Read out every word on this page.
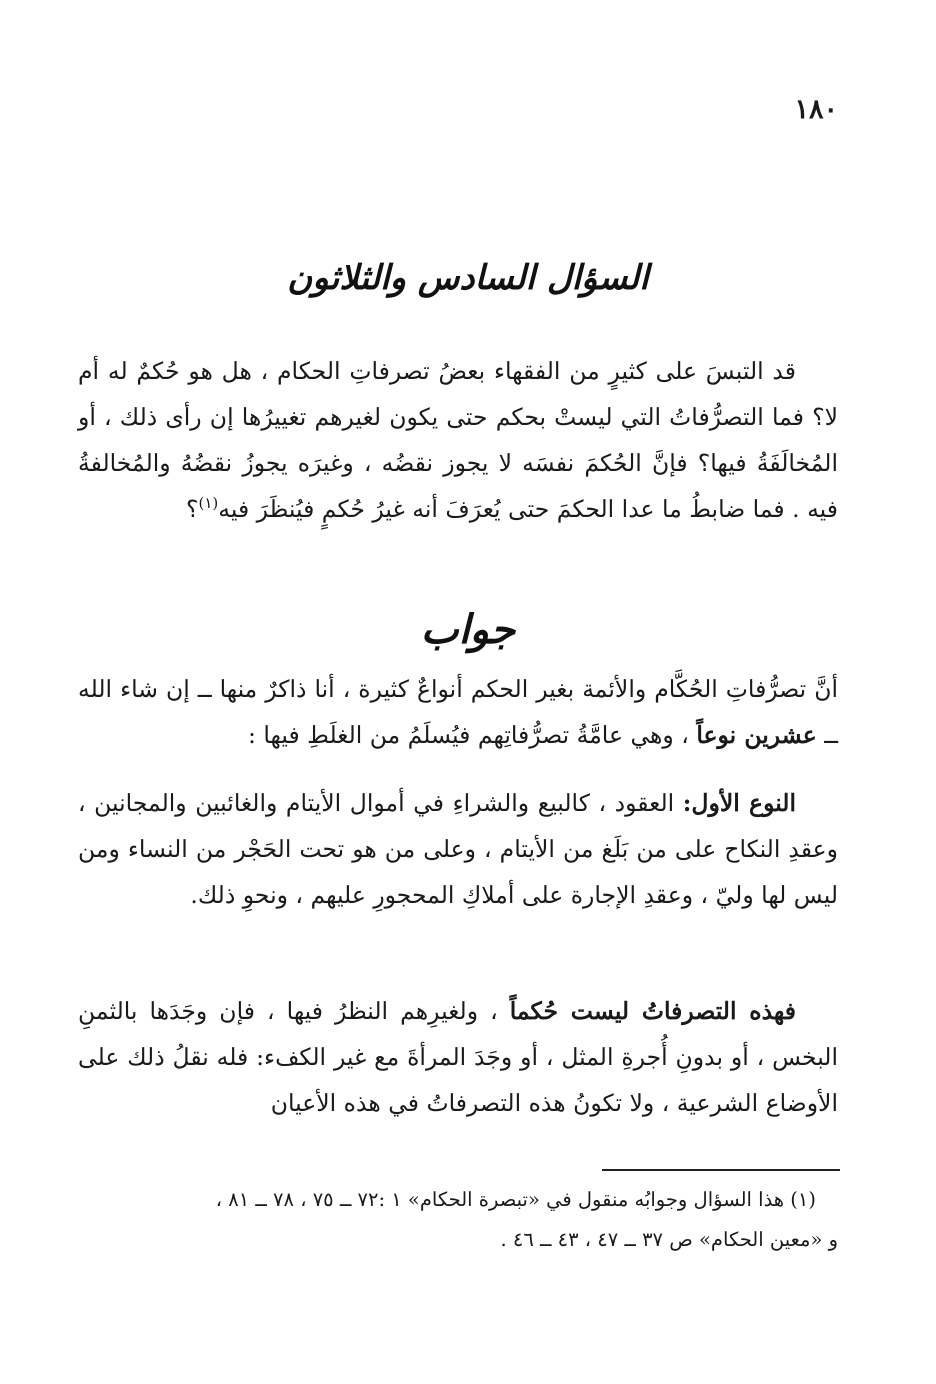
١٨٠
السؤال السادس والثلاثون

قد التبسَ على كثيرٍ من الفقهاء بعضُ تصرفاتِ الحكام ، هل هو حُكمٌ له أم لا؟ فما التصرُّفاتُ التي ليستْ بحكم حتى يكون لغيرهم تغييرُها إن رأى ذلك ، أو المُخالَفَةُ فيها؟ فإنَّ الحُكمَ نفسَه لا يجوز نقضُه ، وغيرَه يجوزُ نقضُهُ والمُخالفةُ فيه . فما ضابطُ ما عدا الحكمَ حتى يُعرَفَ أنه غيرُ حُكمٍ فيُنظَرَ فيه$^{(١)}$؟

جواب

أنَّ تصرُّفاتِ الحُكَّام والأئمة بغير الحكم أنواعٌ كثيرة ، أنا ذاكرٌ منها ــ إن شاء الله ــ عشرين نوعاً ، وهي عامَّةُ تصرُّفاتِهم فيُسلَمُ من الغلَطِ فيها :

النوع الأول: العقود ، كالبيع والشراءِ في أموال الأيتام والغائبين والمجانين ، وعقدِ النكاح على من بَلَغ من الأيتام ، وعلى من هو تحت الحَجْر من النساء ومن ليس لها وليّ ، وعقدِ الإجارة على أملاكِ المحجورِ عليهم ، ونحوِ ذلك.

فهذه التصرفاتُ ليست حُكماً ، ولغيرِهم النظرُ فيها ، فإن وجَدَها بالثمنِ البخس ، أو بدونِ أُجرةِ المثل ، أو وجَدَ المرأةَ مع غير الكفء: فله نقلُ ذلك على الأوضاع الشرعية ، ولا تكونُ هذه التصرفاتُ في هذه الأعيان

(١) هذا السؤال وجوابُه منقول في «تبصرة الحكام» ١ :٧٢ ــ ٧٥ ، ٧٨ ــ ٨١ ،
و «معين الحكام» ص ٣٧ ــ ٤٧ ، ٤٣ ــ ٤٦ .
